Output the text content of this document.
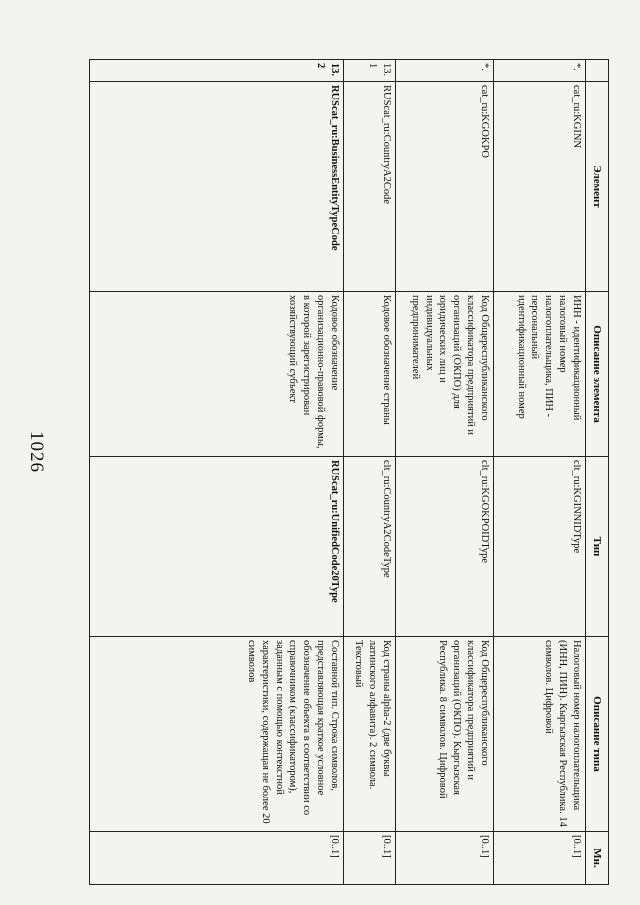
1026
	Элемент	Описание элемента	Тип	Описание типа	Мн.
*.	cat_ru:KGINN	ИНН - идентификационный налоговый номер налогоплательщика, ПИН - персональный идентификационный номер	clt_ru:KGINNIDType	Налоговый номер налогоплательщика (ИНН, ПИН). Кыргызская Республика. 14 символов. Цифровой	[0..1]
*.	cat_ru:KGOKPO	Код Общереспубликанского классификатора предприятий и организаций (ОКПО) для юридических лиц и индивидуальных предпринимателей	clt_ru:KGOKPOIDType	Код Общереспубликанского классификатора предприятий и организаций (ОКПО). Кыргызская Республика. 8 символов. Цифровой	[0..1]
13.1	RUScat_ru:CountryA2Code	Кодовое обозначение страны	clt_ru:CountryA2CodeType	Код страны alpha-2 (две буквы латинского алфавита). 2 символа. Текстовый	[0..1]
13.2	RUScat_ru:BusinessEntityTypeCode	Кодовое обозначение организационно-правовой формы, в которой зарегистрирован хозяйствующий субъект	RUScat_ru:UnifiedCode20Type	Составной тип. Строка символов, представляющая краткое условное обозначение объекта в соответствии со справочником (классификатором), заданным с помощью контекстной характеристики, содержащая не более 20 символов	[0..1]
